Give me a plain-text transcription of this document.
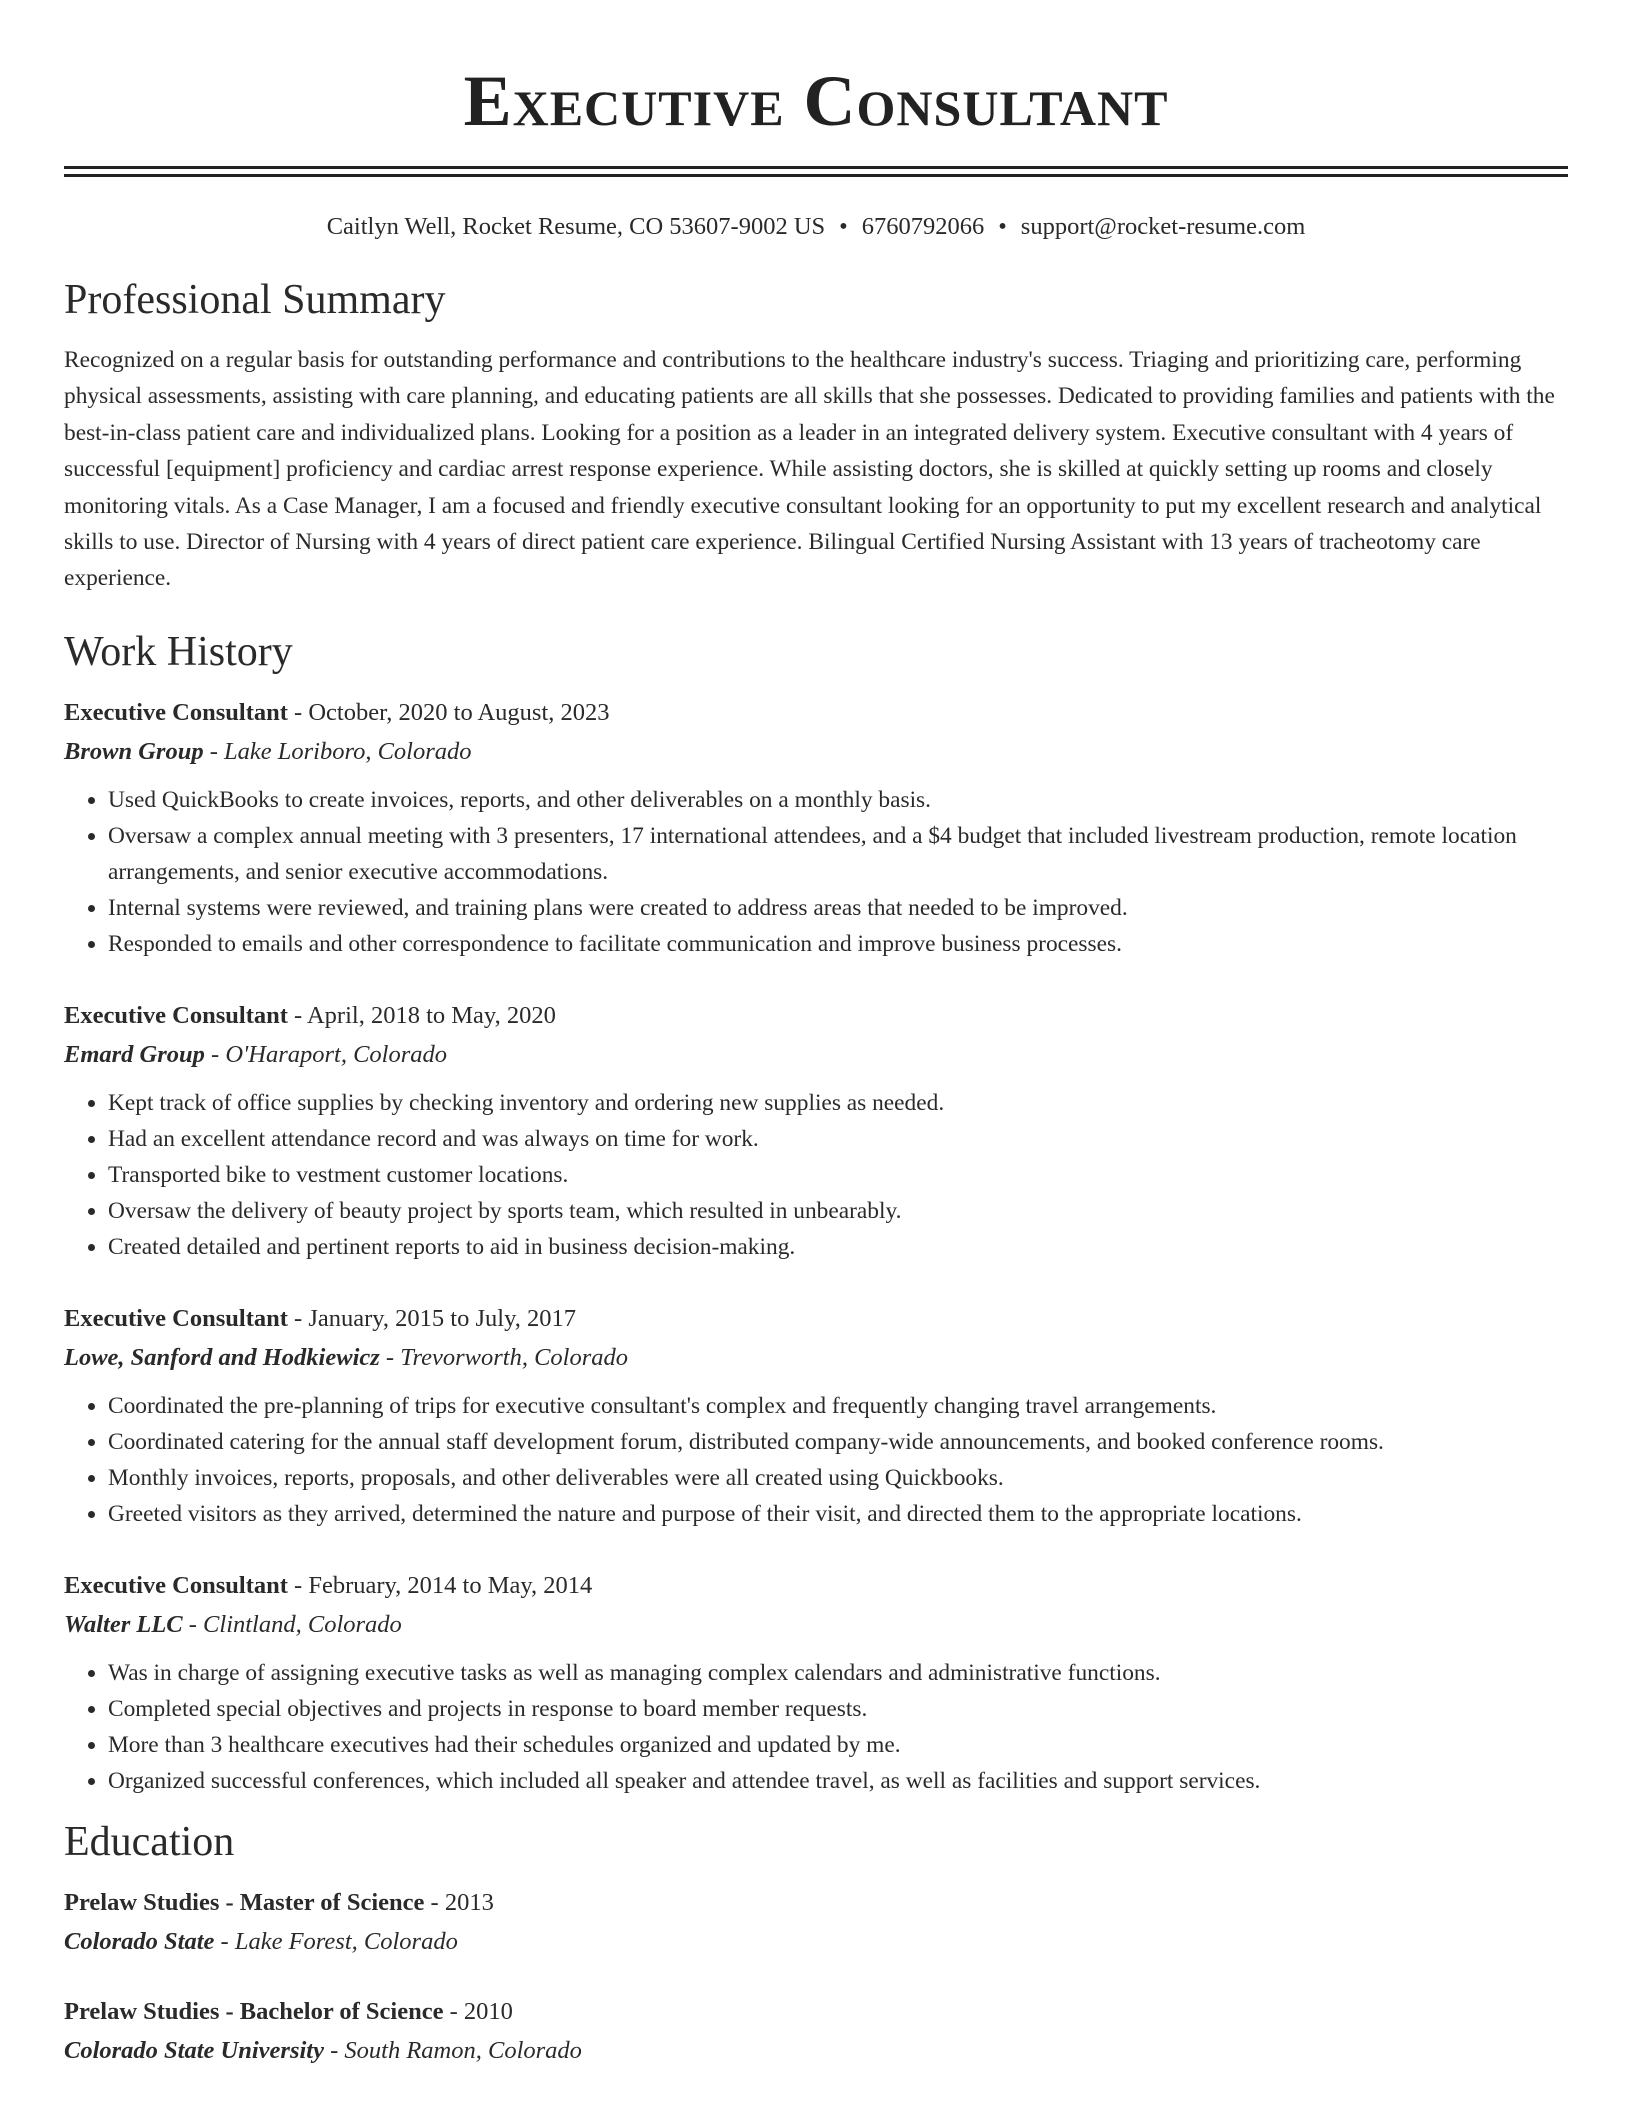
Executive Consultant
Caitlyn Well, Rocket Resume, CO 53607-9002 US • 6760792066 • support@rocket-resume.com
Professional Summary

Recognized on a regular basis for outstanding performance and contributions to the healthcare industry's success. Triaging and prioritizing care, performing physical assessments, assisting with care planning, and educating patients are all skills that she possesses. Dedicated to providing families and patients with the best-in-class patient care and individualized plans. Looking for a position as a leader in an integrated delivery system. Executive consultant with 4 years of successful [equipment] proficiency and cardiac arrest response experience. While assisting doctors, she is skilled at quickly setting up rooms and closely monitoring vitals. As a Case Manager, I am a focused and friendly executive consultant looking for an opportunity to put my excellent research and analytical skills to use. Director of Nursing with 4 years of direct patient care experience. Bilingual Certified Nursing Assistant with 13 years of tracheotomy care experience.

Work History
Executive Consultant - October, 2020 to August, 2023
Brown Group - Lake Loriboro, Colorado
• Used QuickBooks to create invoices, reports, and other deliverables on a monthly basis.
• Oversaw a complex annual meeting with 3 presenters, 17 international attendees, and a $4 budget that included livestream production, remote location arrangements, and senior executive accommodations.
• Internal systems were reviewed, and training plans were created to address areas that needed to be improved.
• Responded to emails and other correspondence to facilitate communication and improve business processes.
Executive Consultant - April, 2018 to May, 2020
Emard Group - O'Haraport, Colorado
• Kept track of office supplies by checking inventory and ordering new supplies as needed.
• Had an excellent attendance record and was always on time for work.
• Transported bike to vestment customer locations.
• Oversaw the delivery of beauty project by sports team, which resulted in unbearably.
• Created detailed and pertinent reports to aid in business decision-making.
Executive Consultant - January, 2015 to July, 2017
Lowe, Sanford and Hodkiewicz - Trevorworth, Colorado
• Coordinated the pre-planning of trips for executive consultant's complex and frequently changing travel arrangements.
• Coordinated catering for the annual staff development forum, distributed company-wide announcements, and booked conference rooms.
• Monthly invoices, reports, proposals, and other deliverables were all created using Quickbooks.
• Greeted visitors as they arrived, determined the nature and purpose of their visit, and directed them to the appropriate locations.
Executive Consultant - February, 2014 to May, 2014
Walter LLC - Clintland, Colorado
• Was in charge of assigning executive tasks as well as managing complex calendars and administrative functions.
• Completed special objectives and projects in response to board member requests.
• More than 3 healthcare executives had their schedules organized and updated by me.
• Organized successful conferences, which included all speaker and attendee travel, as well as facilities and support services.
Education
Prelaw Studies - Master of Science - 2013
Colorado State - Lake Forest, Colorado
Prelaw Studies - Bachelor of Science - 2010
Colorado State University - South Ramon, Colorado
